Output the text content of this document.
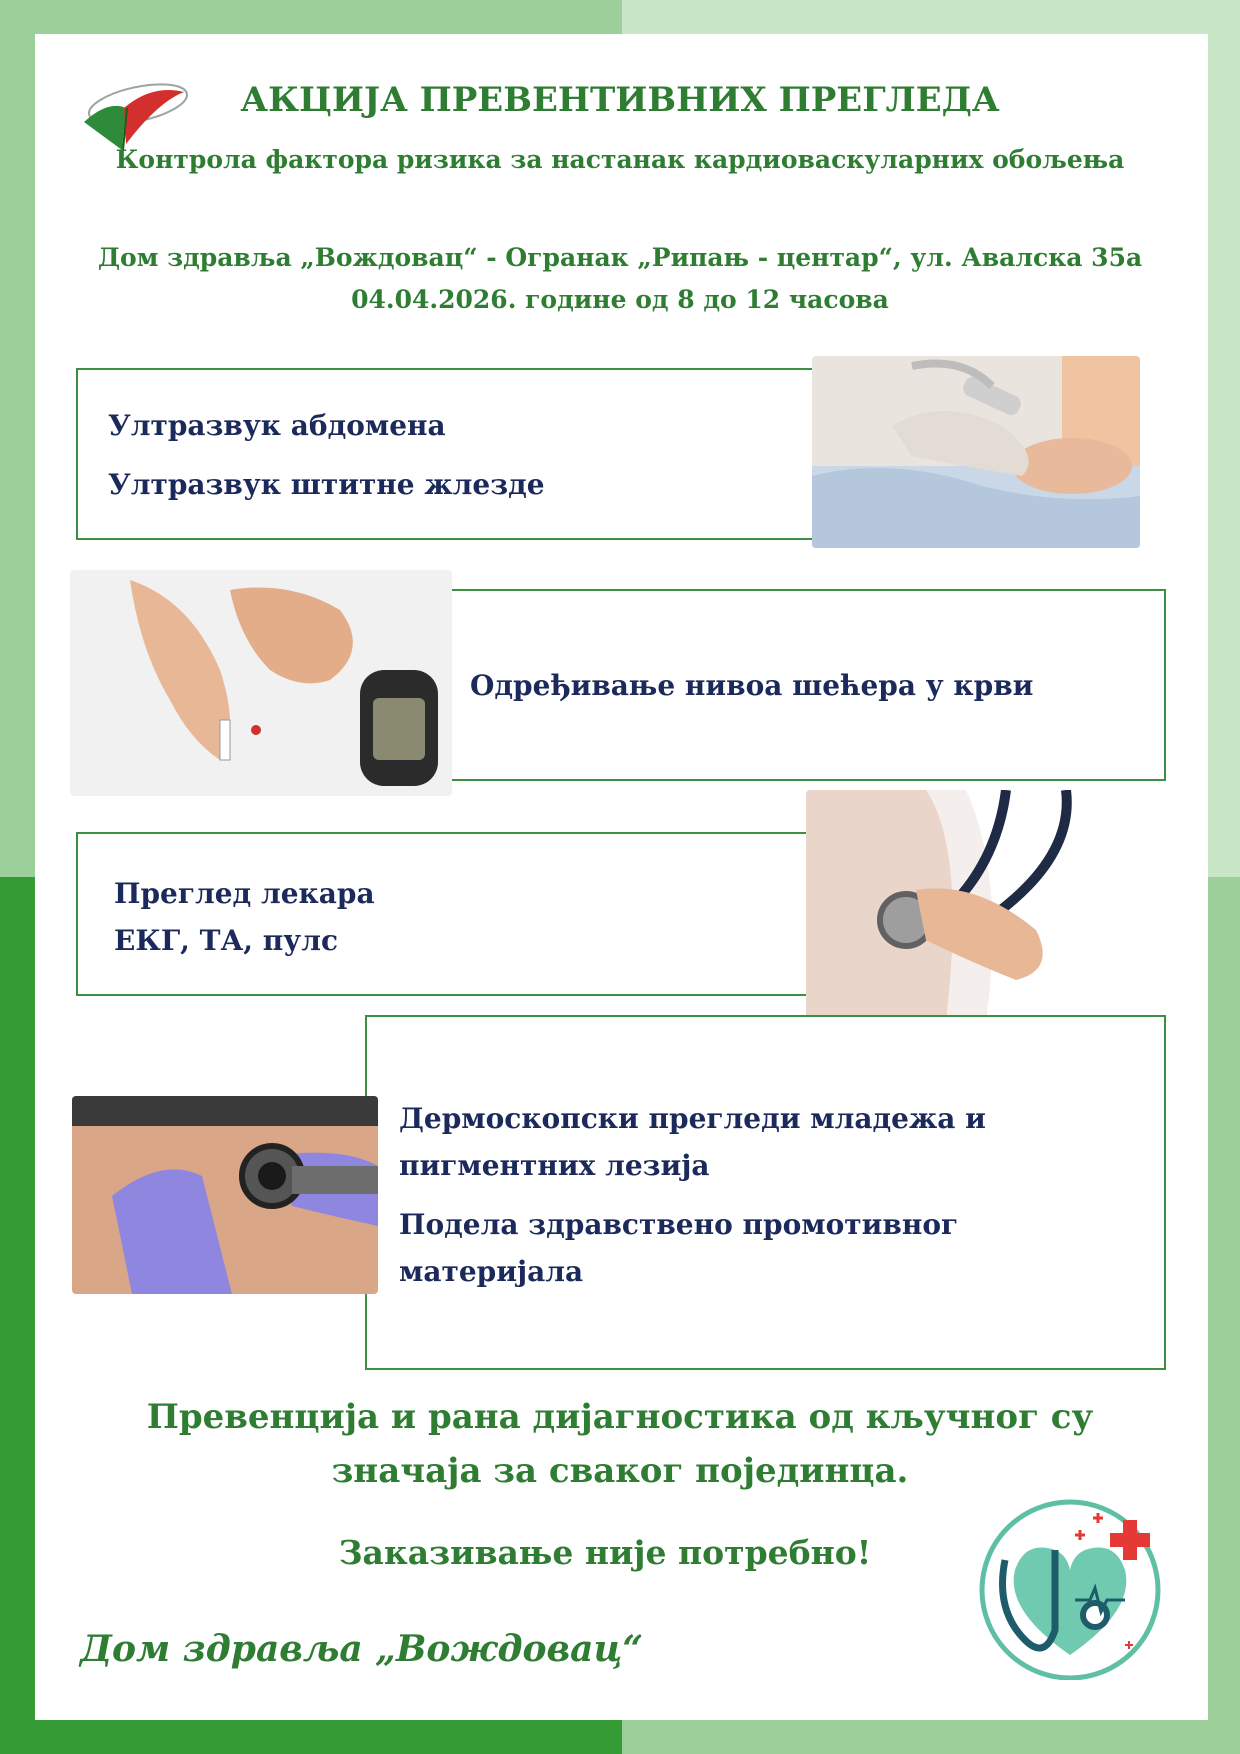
АКЦИЈА ПРЕВЕНТИВНИХ ПРЕГЛЕДА
Контрола фактора ризика за настанак кардиоваскуларних обољења
Дом здравља „Вождовац“ - Огранак „Рипањ - центар“, ул. Авалска 35а
04.04.2026. године од 8 до 12 часова
Ултразвук абдомена
Ултразвук штитне жлезде
Одређивање нивоа шећера у крви
Преглед лекара
ЕКГ, ТА, пулс
Дермоскопски прегледи младежа и
пигментних лезија
Подела здравствено промотивног
материјала
Превенција и рана дијагностика од кључног су
значаја за сваког појединца.
Заказивање није потребно!
Дом здравља „Вождовац“
